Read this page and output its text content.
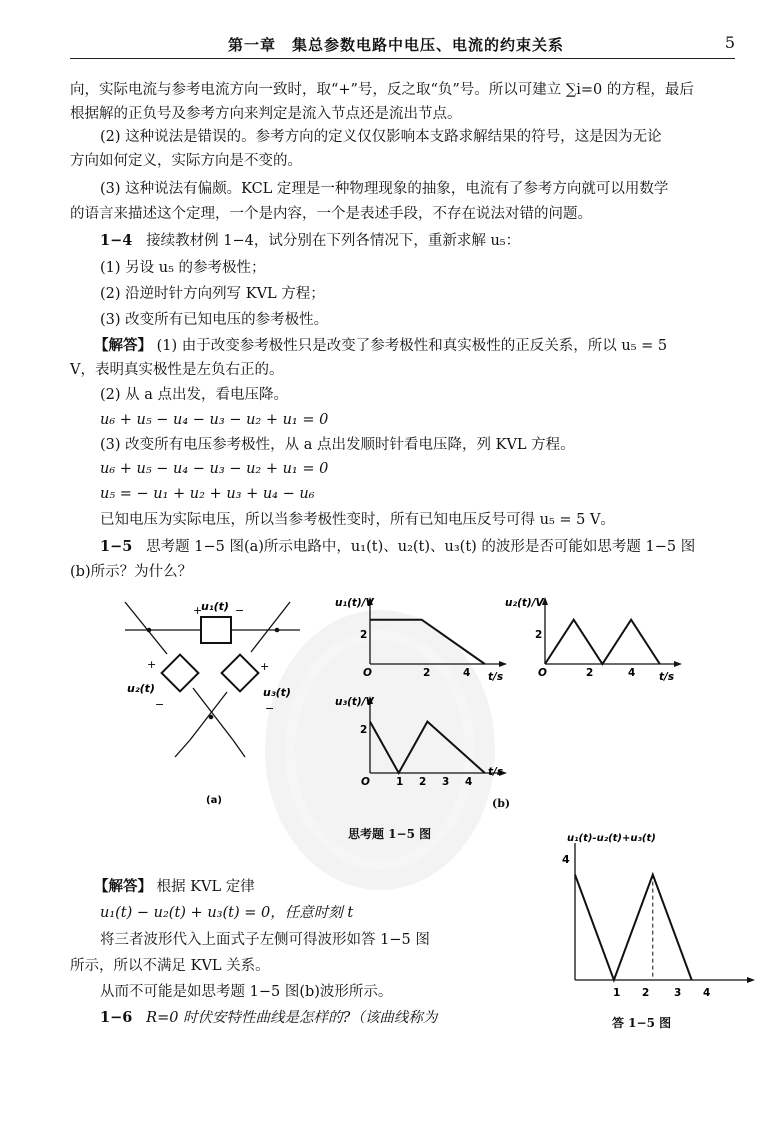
第一章　集总参数电路中电压、电流的约束关系	5
向，实际电流与参考电流方向一致时，取“+”号，反之取“负”号。所以可建立 ∑i=0 的方程，最后
根据解的正负号及参考方向来判定是流入节点还是流出节点。
(2) 这种说法是错误的。参考方向的定义仅仅影响本支路求解结果的符号，这是因为无论
方向如何定义，实际方向是不变的。
(3) 这种说法有偏颇。KCL 定理是一种物理现象的抽象，电流有了参考方向就可以用数学
的语言来描述这个定理，一个是内容，一个是表述手段，不存在说法对错的问题。
1−4 接续教材例 1−4，试分别在下列各情况下，重新求解 u₅：
(1) 另设 u₅ 的参考极性；
(2) 沿逆时针方向列写 KVL 方程；
(3) 改变所有已知电压的参考极性。
【解答】 (1) 由于改变参考极性只是改变了参考极性和真实极性的正反关系，所以 u₅ = 5
V，表明真实极性是左负右正的。
(2) 从 a 点出发，看电压降。
u₆ + u₅ − u₄ − u₃ − u₂ + u₁ = 0
(3) 改变所有电压参考极性，从 a 点出发顺时针看电压降，列 KVL 方程。
u₆ + u₅ − u₄ − u₃ − u₂ + u₁ = 0
u₅ = − u₁ + u₂ + u₃ + u₄ − u₆
已知电压为实际电压，所以当参考极性变时，所有已知电压反号可得 u₅ = 5 V。
1−5 思考题 1−5 图(a)所示电路中，u₁(t)、u₂(t)、u₃(t) 的波形是否可能如思考题 1−5 图
(b)所示？为什么？
+	−
u₁(t)
+
u₂(t)
−
+
u₃(t)
−
(a)
u₁(t)/V
2
O	2	4 t/s
u₂(t)/V
2
O	2	4 t/s
u₃(t)/V
2
O 1 2 3 4
t/s
(b)
思考题 1−5 图	u₁(t)-u₂(t)+u₃(t)
4
1 2 3 4
答 1−5 图
【解答】 根据 KVL 定律
u₁(t) − u₂(t) + u₃(t) = 0，任意时刻 t
将三者波形代入上面式子左侧可得波形如答 1−5 图
所示，所以不满足 KVL 关系。
从而不可能是如思考题 1−5 图(b)波形所示。
1−6 R=0 时伏安特性曲线是怎样的?（该曲线称为
